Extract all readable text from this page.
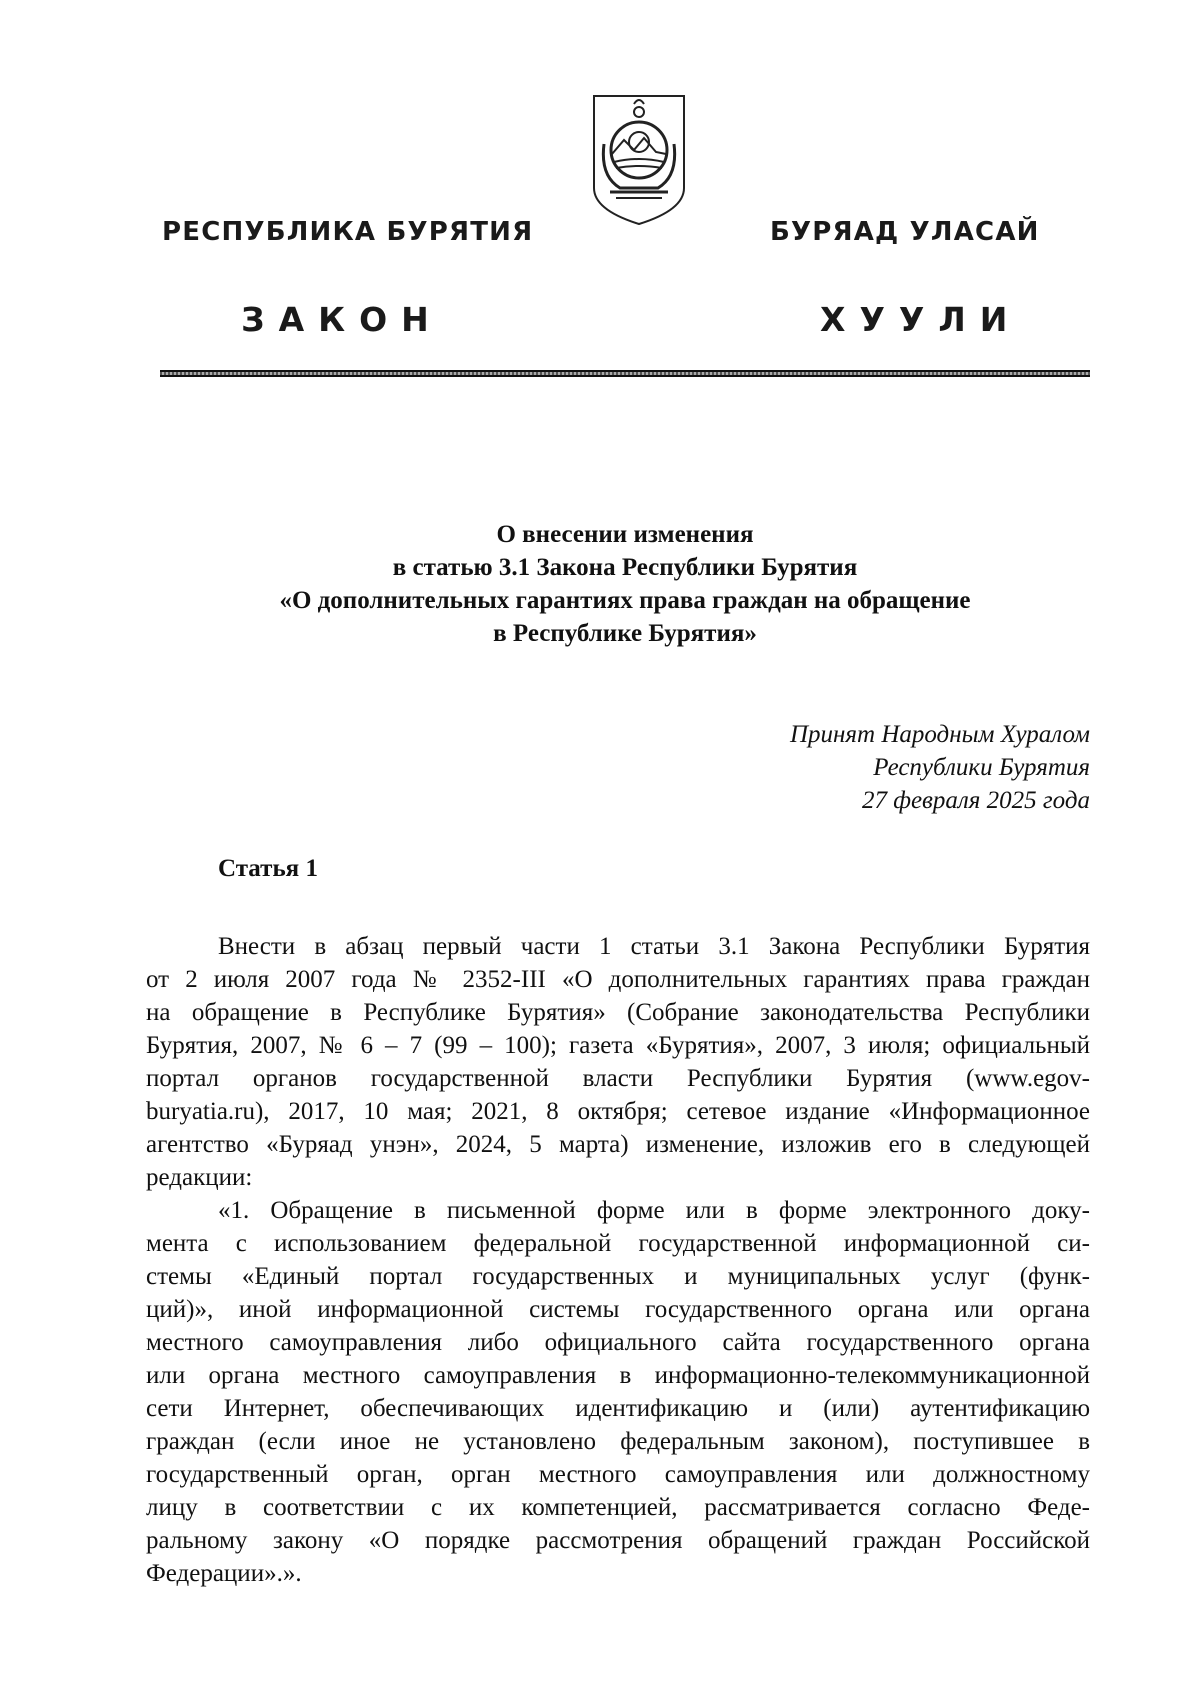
РЕСПУБЛИКА БУРЯТИЯ	БУРЯАД УЛАСАЙ
ЗАКОН	ХУУЛИ
О внесении изменения
в статью 3.1 Закона Республики Бурятия
«О дополнительных гарантиях права граждан на обращение
в Республике Бурятия»
Принят Народным Хуралом
Республики Бурятия
27 февраля 2025 года
Статья 1
Внести в абзац первый части 1 статьи 3.1 Закона Республики Бурятия
от 2 июля 2007 года № 2352-III «О дополнительных гарантиях права граждан
на обращение в Республике Бурятия» (Собрание законодательства Республики
Бурятия, 2007, № 6 – 7 (99 – 100); газета «Бурятия», 2007, 3 июля; официальный
портал органов государственной власти Республики Бурятия (www.egov-
buryatia.ru), 2017, 10 мая; 2021, 8 октября; сетевое издание «Информационное
агентство «Буряад унэн», 2024, 5 марта) изменение, изложив его в следующей
редакции:
«1. Обращение в письменной форме или в форме электронного доку-
мента с использованием федеральной государственной информационной си-
стемы «Единый портал государственных и муниципальных услуг (функ-
ций)», иной информационной системы государственного органа или органа
местного самоуправления либо официального сайта государственного органа
или органа местного самоуправления в информационно-телекоммуникационной
сети Интернет, обеспечивающих идентификацию и (или) аутентификацию
граждан (если иное не установлено федеральным законом), поступившее в
государственный орган, орган местного самоуправления или должностному
лицу в соответствии с их компетенцией, рассматривается согласно Феде-
ральному закону «О порядке рассмотрения обращений граждан Российской
Федерации».».
